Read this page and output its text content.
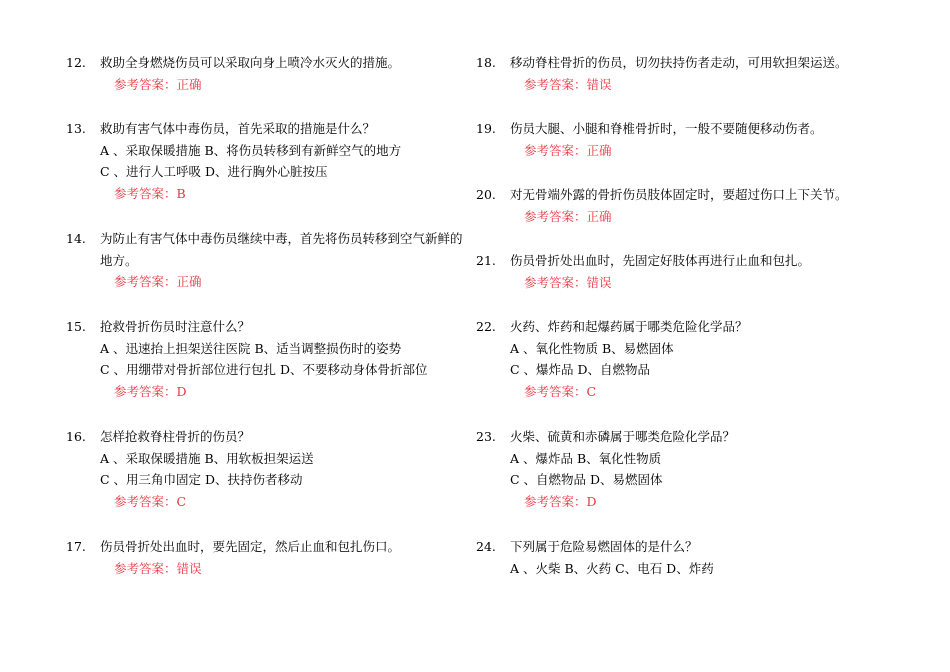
12.	救助全身燃烧伤员可以采取向身上喷冷水灭火的措施。
参考答案：正确
13.	救助有害气体中毒伤员，首先采取的措施是什么？
A 、采取保暖措施 B、将伤员转移到有新鲜空气的地方
C 、进行人工呼吸 D、进行胸外心脏按压
参考答案：B
14.	为防止有害气体中毒伤员继续中毒，首先将伤员转移到空气新鲜的地方。
参考答案：正确
15.	抢救骨折伤员时注意什么？
A 、迅速抬上担架送往医院 B、适当调整损伤时的姿势
C 、用绷带对骨折部位进行包扎 D、不要移动身体骨折部位
参考答案：D
16.	怎样抢救脊柱骨折的伤员？
A 、采取保暖措施 B、用软板担架运送
C 、用三角巾固定 D、扶持伤者移动
参考答案：C
17.	伤员骨折处出血时，要先固定，然后止血和包扎伤口。
参考答案：错误
18.	移动脊柱骨折的伤员，切勿扶持伤者走动，可用软担架运送。
参考答案：错误
19.	伤员大腿、小腿和脊椎骨折时，一般不要随便移动伤者。
参考答案：正确
20.	对无骨端外露的骨折伤员肢体固定时，要超过伤口上下关节。
参考答案：正确
21.	伤员骨折处出血时，先固定好肢体再进行止血和包扎。
参考答案：错误
22.	火药、炸药和起爆药属于哪类危险化学品？
A 、氧化性物质 B、易燃固体
C 、爆炸品 D、自燃物品
参考答案：C
23.	火柴、硫黄和赤磷属于哪类危险化学品？
A 、爆炸品 B、氧化性物质
C 、自燃物品 D、易燃固体
参考答案：D
24.	下列属于危险易燃固体的是什么？
A 、火柴 B、火药 C、电石 D、炸药
